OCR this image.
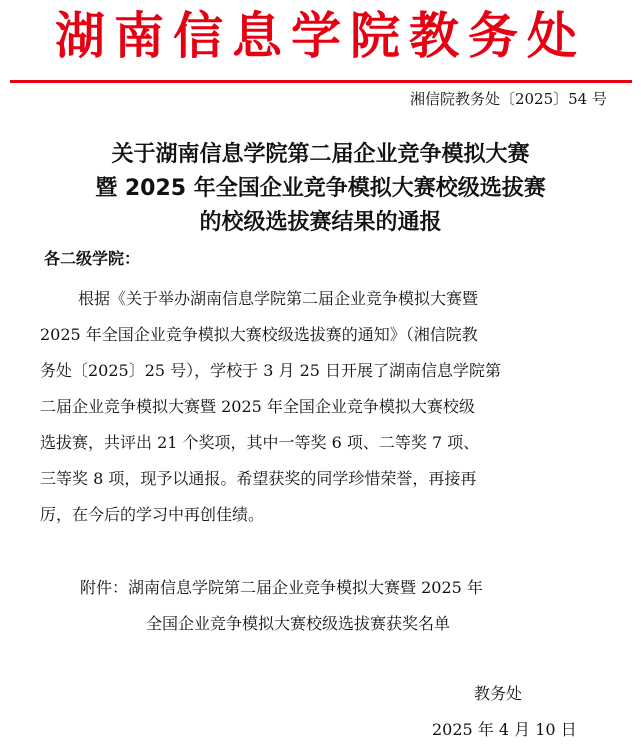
湖南信息学院教务处
湘信院教务处〔2025〕54 号
关于湖南信息学院第二届企业竞争模拟大赛
暨 2025 年全国企业竞争模拟大赛校级选拔赛
的校级选拔赛结果的通报
各二级学院：
根据《关于举办湖南信息学院第二届企业竞争模拟大赛暨
2025 年全国企业竞争模拟大赛校级选拔赛的通知》（湘信院教
务处〔2025〕25 号），学校于 3 月 25 日开展了湖南信息学院第
二届企业竞争模拟大赛暨 2025 年全国企业竞争模拟大赛校级
选拔赛，共评出 21 个奖项，其中一等奖 6 项、二等奖 7 项、
三等奖 8 项，现予以通报。希望获奖的同学珍惜荣誉，再接再
厉，在今后的学习中再创佳绩。
附件：湖南信息学院第二届企业竞争模拟大赛暨 2025 年
全国企业竞争模拟大赛校级选拔赛获奖名单
教务处
2025 年 4 月 10 日
